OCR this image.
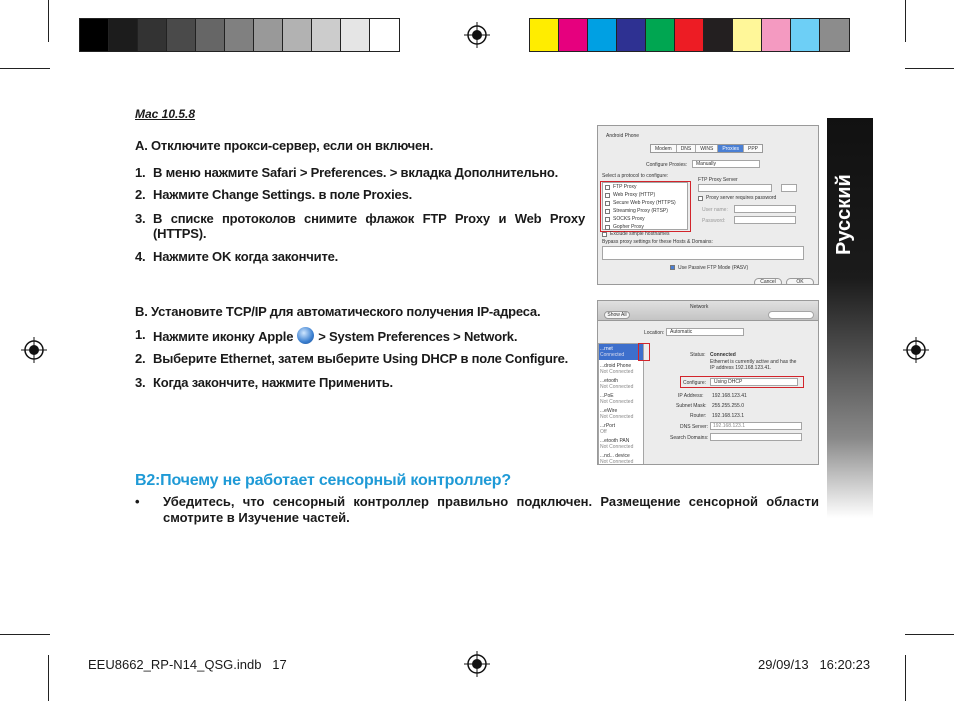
Русский
Mac 10.5.8
A. Отключите прокси-сервер, если он включен.
1. В меню нажмите Safari > Preferences. > вкладка Дополнительно.
2. Нажмите Change Settings. в поле Proxies.
3. В списке протоколов снимите флажок FTP Proxy и Web Proxy
(HTTPS).
4. Нажмите OK когда закончите.
B. Установите TCP/IP для автоматического получения IP-адреса.
1. Нажмите иконку Apple > System Preferences > Network.
2. Выберите Ethernet, затем выберите Using DHCP в поле Configure.
3. Когда закончите, нажмите Применить.
Android Phone
Modem	DNS	WINS	Proxies	PPP
Configure Proxies:	Manually
Select a protocol to configure:
FTP Proxy
Web Proxy (HTTP)
Secure Web Proxy (HTTPS)
Streaming Proxy (RTSP)
SOCKS Proxy
Gopher Proxy
FTP Proxy Server
Proxy server requires password
User name:
Password:
Exclude simple hostnames
Bypass proxy settings for these Hosts & Domains:
Use Passive FTP Mode (PASV)
Cancel	OK
Network
Show All
Location:	Automatic
...rnet
Connected
...droid Phone
Not Connected
...etooth
Not Connected
...PoE
Not Connected
...eWire
Not Connected
...rPort
Off
...etooth PAN
Not Connected
...nd... device
Not Connected
Status: Connected
Ethernet is currently active and has the IP address 192.168.123.41.
Configure:	Using DHCP
IP Address: 192.168.123.41
Subnet Mask: 255.255.255.0
Router: 192.168.123.1
DNS Server: 192.168.123.1
Search Domains:
B2:Почему не работает сенсорный контроллер?
•	Убедитесь, что сенсорный контроллер правильно подключен. Размещение сенсорной области смотрите в Изучение частей.
EEU8662_RP-N14_QSG.indb 17	29/09/13 16:20:23
